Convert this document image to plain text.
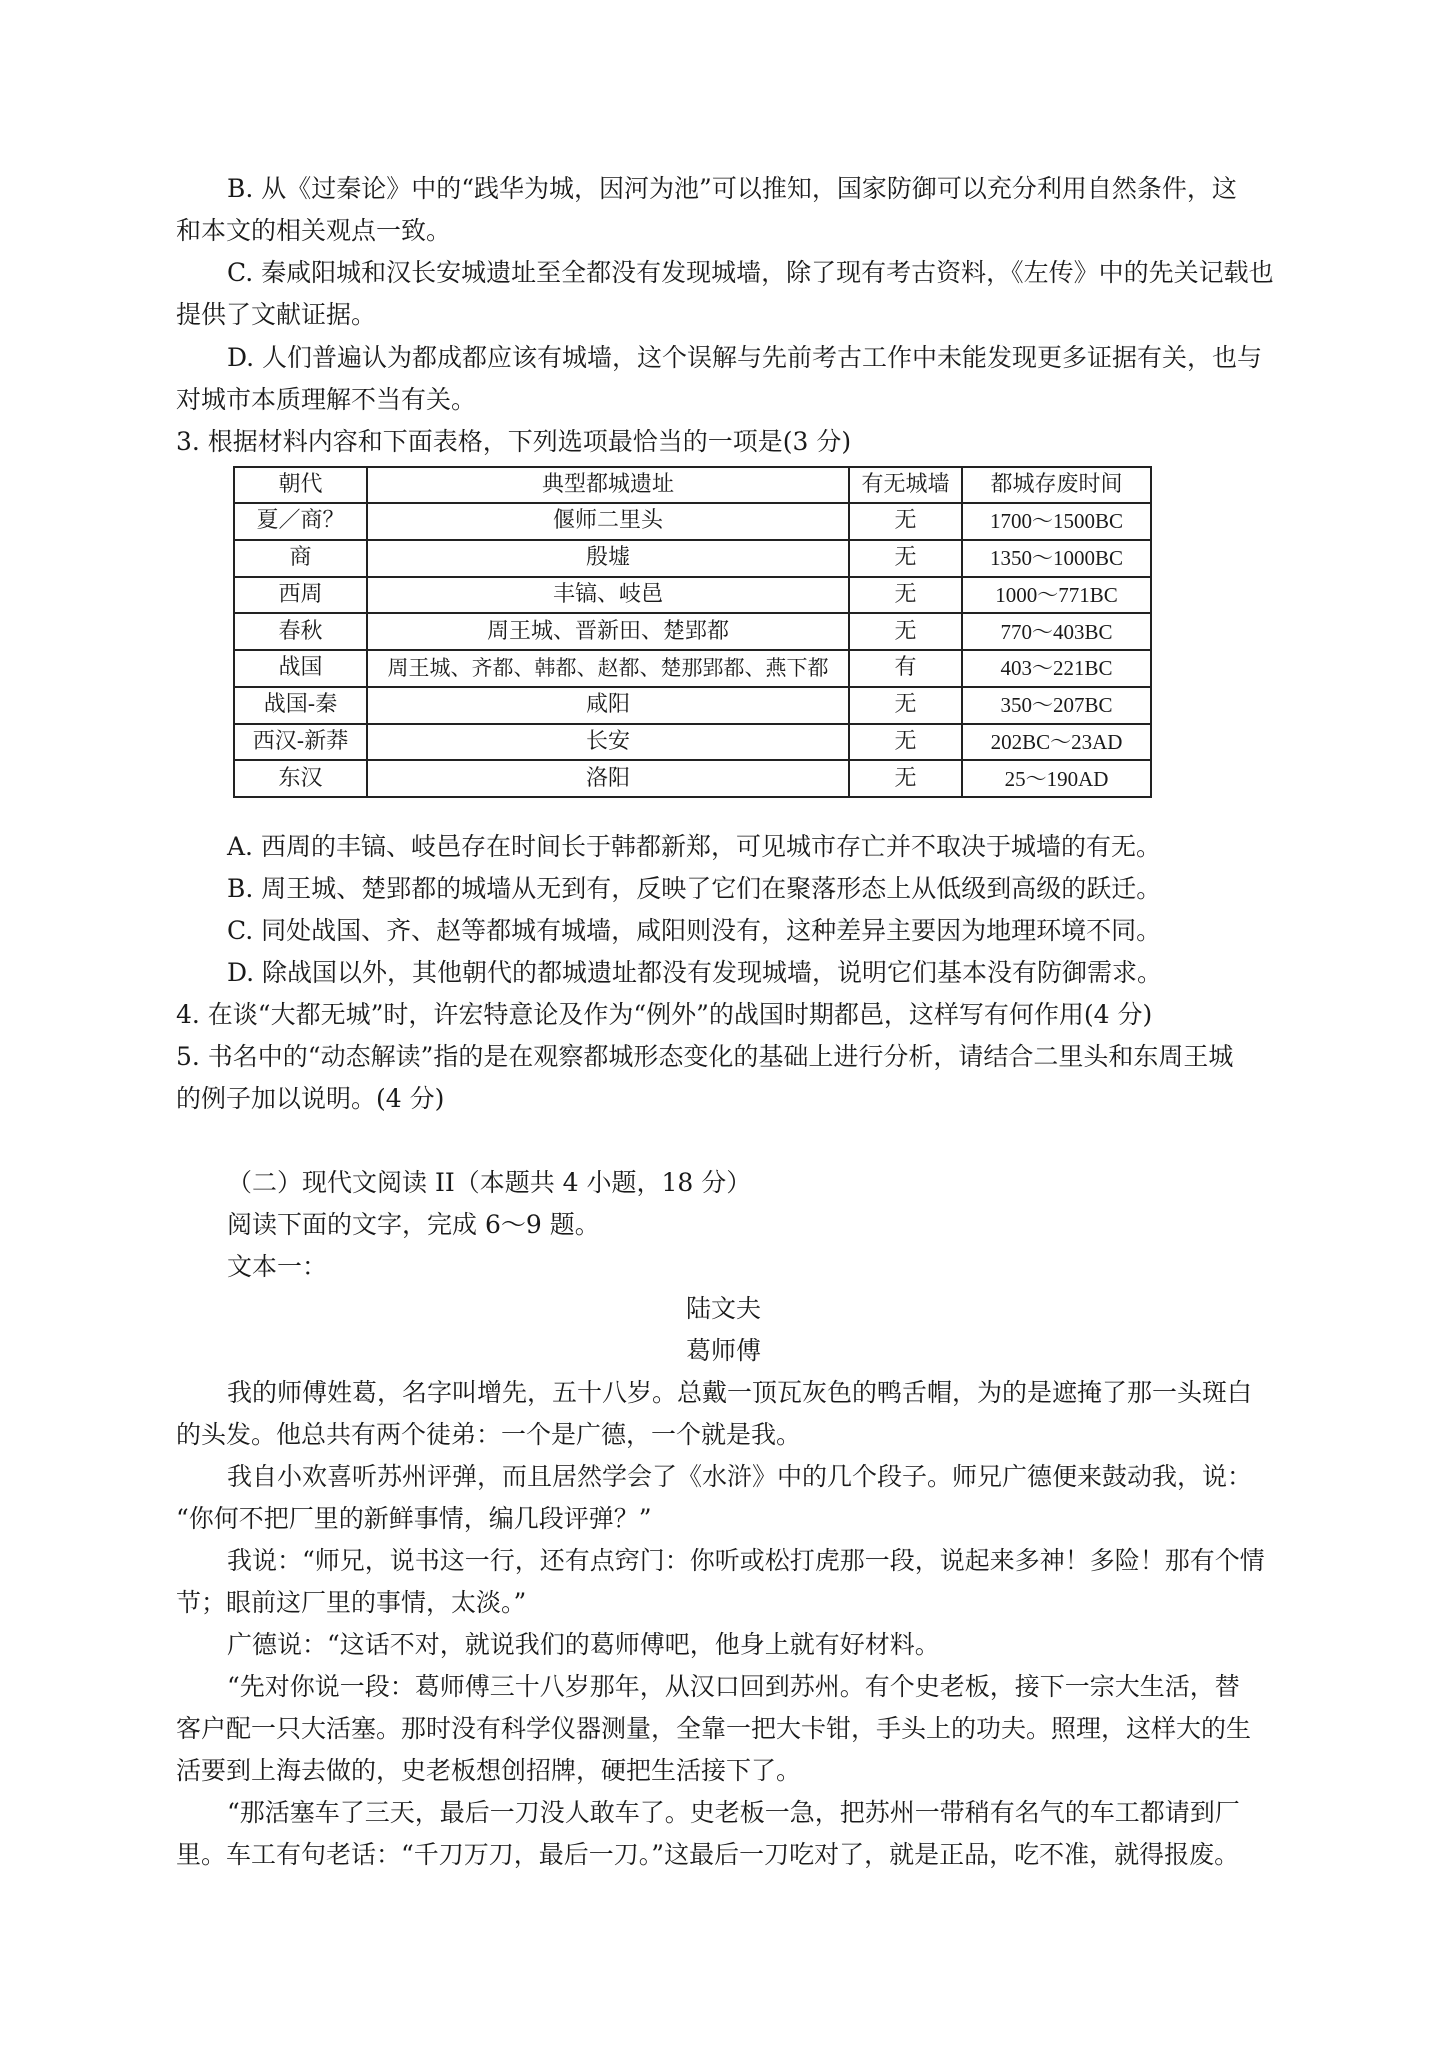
B. 从《过秦论》中的“践华为城，因河为池”可以推知，国家防御可以充分利用自然条件，这
和本文的相关观点一致。
C. 秦咸阳城和汉长安城遗址至全都没有发现城墙，除了现有考古资料，《左传》中的先关记载也
提供了文献证据。
D. 人们普遍认为都成都应该有城墙，这个误解与先前考古工作中未能发现更多证据有关，也与
对城市本质理解不当有关。
3. 根据材料内容和下面表格，下列选项最恰当的一项是(3 分)
朝代	典型都城遗址	有无城墙	都城存废时间
夏／商？	偃师二里头	无	1700～1500BC
商	殷墟	无	1350～1000BC
西周	丰镐、岐邑	无	1000～771BC
春秋	周王城、晋新田、楚郢都	无	770～403BC
战国	周王城、齐都、韩都、赵都、楚那郢都、燕下都	有	403～221BC
战国-秦	咸阳	无	350～207BC
西汉-新莽	长安	无	202BC～23AD
东汉	洛阳	无	25～190AD
A. 西周的丰镐、岐邑存在时间长于韩都新郑，可见城市存亡并不取决于城墙的有无。
B. 周王城、楚郢都的城墙从无到有，反映了它们在聚落形态上从低级到高级的跃迁。
C. 同处战国、齐、赵等都城有城墙，咸阳则没有，这种差异主要因为地理环境不同。
D. 除战国以外，其他朝代的都城遗址都没有发现城墙，说明它们基本没有防御需求。
4. 在谈“大都无城”时，许宏特意论及作为“例外”的战国时期都邑，这样写有何作用(4 分)
5. 书名中的“动态解读”指的是在观察都城形态变化的基础上进行分析，请结合二里头和东周王城
的例子加以说明。(4 分)
（二）现代文阅读 II（本题共 4 小题，18 分）
阅读下面的文字，完成 6～9 题。
文本一：
陆文夫
葛师傅
我的师傅姓葛，名字叫增先，五十八岁。总戴一顶瓦灰色的鸭舌帽，为的是遮掩了那一头斑白
的头发。他总共有两个徒弟：一个是广德，一个就是我。
我自小欢喜听苏州评弹，而且居然学会了《水浒》中的几个段子。师兄广德便来鼓动我，说：
“你何不把厂里的新鲜事情，编几段评弹？”
我说：“师兄，说书这一行，还有点窍门：你听或松打虎那一段，说起来多神！多险！那有个情
节；眼前这厂里的事情，太淡。”
广德说：“这话不对，就说我们的葛师傅吧，他身上就有好材料。
“先对你说一段：葛师傅三十八岁那年，从汉口回到苏州。有个史老板，接下一宗大生活，替
客户配一只大活塞。那时没有科学仪器测量，全靠一把大卡钳，手头上的功夫。照理，这样大的生
活要到上海去做的，史老板想创招牌，硬把生活接下了。
“那活塞车了三天，最后一刀没人敢车了。史老板一急，把苏州一带稍有名气的车工都请到厂
里。车工有句老话：“千刀万刀，最后一刀。”这最后一刀吃对了，就是正品，吃不准，就得报废。
